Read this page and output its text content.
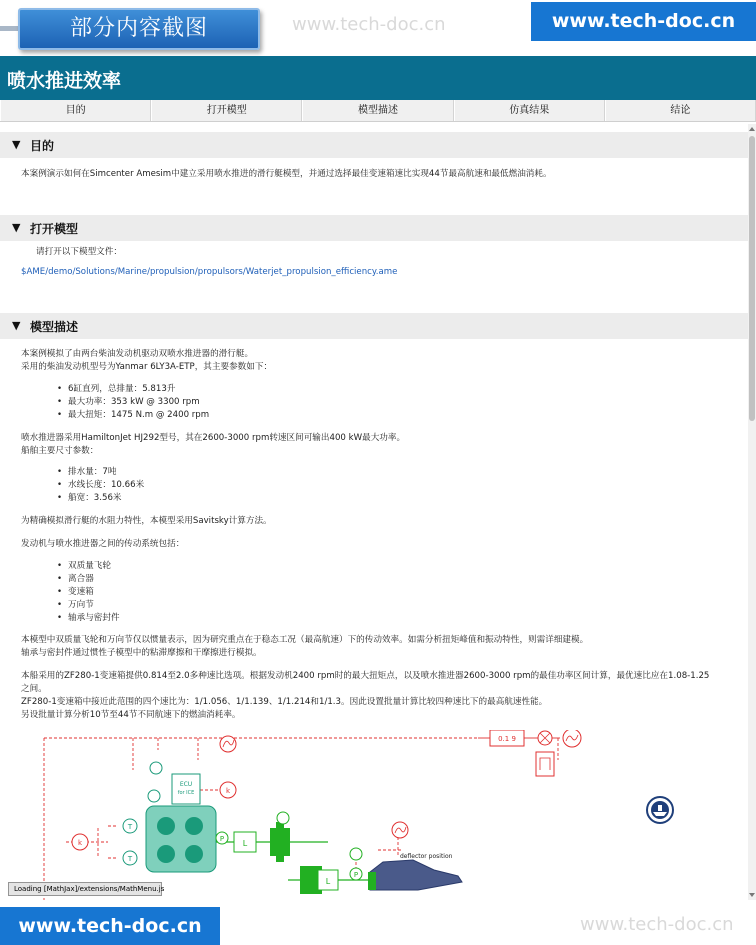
部分内容截图	www.tech-doc.cn	www.tech-doc.cn
喷水推进效率
目的	打开模型	模型描述	仿真结果	结论
▼ 目的
本案例演示如何在Simcenter Amesim中建立采用喷水推进的滑行艇模型，并通过选择最佳变速箱速比实现44节最高航速和最低燃油消耗。
▼ 打开模型
请打开以下模型文件：
$AME/demo/Solutions/Marine/propulsion/propulsors/Waterjet_propulsion_efficiency.ame
▼ 模型描述
本案例模拟了由两台柴油发动机驱动双喷水推进器的滑行艇。
采用的柴油发动机型号为Yanmar 6LY3A-ETP，其主要参数如下：
• 6缸直列，总排量：5.813升
• 最大功率：353 kW @ 3300 rpm
• 最大扭矩：1475 N.m @ 2400 rpm
喷水推进器采用HamiltonJet HJ292型号，其在2600-3000 rpm转速区间可输出400 kW最大功率。
船舶主要尺寸参数：
• 排水量：7吨
• 水线长度：10.66米
• 船宽：3.56米
为精确模拟滑行艇的水阻力特性，本模型采用Savitsky计算方法。
发动机与喷水推进器之间的传动系统包括：
• 双质量飞轮
• 离合器
• 变速箱
• 万向节
• 轴承与密封件
本模型中双质量飞轮和万向节仅以惯量表示，因为研究重点在于稳态工况（最高航速）下的传动效率。如需分析扭矩峰值和振动特性，则需详细建模。
轴承与密封件通过惯性子模型中的粘滞摩擦和干摩擦进行模拟。
本船采用的ZF280-1变速箱提供0.814至2.0多种速比选项。根据发动机2400 rpm时的最大扭矩点，以及喷水推进器2600-3000 rpm的最佳功率区间计算，最优速比应在1.08-1.25
之间。
ZF280-1变速箱中接近此范围的四个速比为：1/1.056、1/1.139、1/1.214和1/1.3。因此设置批量计算比较四种速比下的最高航速性能。
另设批量计算分析10节至44节不同航速下的燃油消耗率。
0.1 9
ECU
for ICE
T
T
k
k
P L
P
L
deflector position
Loading [MathJax]/extensions/MathMenu.js
www.tech-doc.cn	www.tech-doc.cn
